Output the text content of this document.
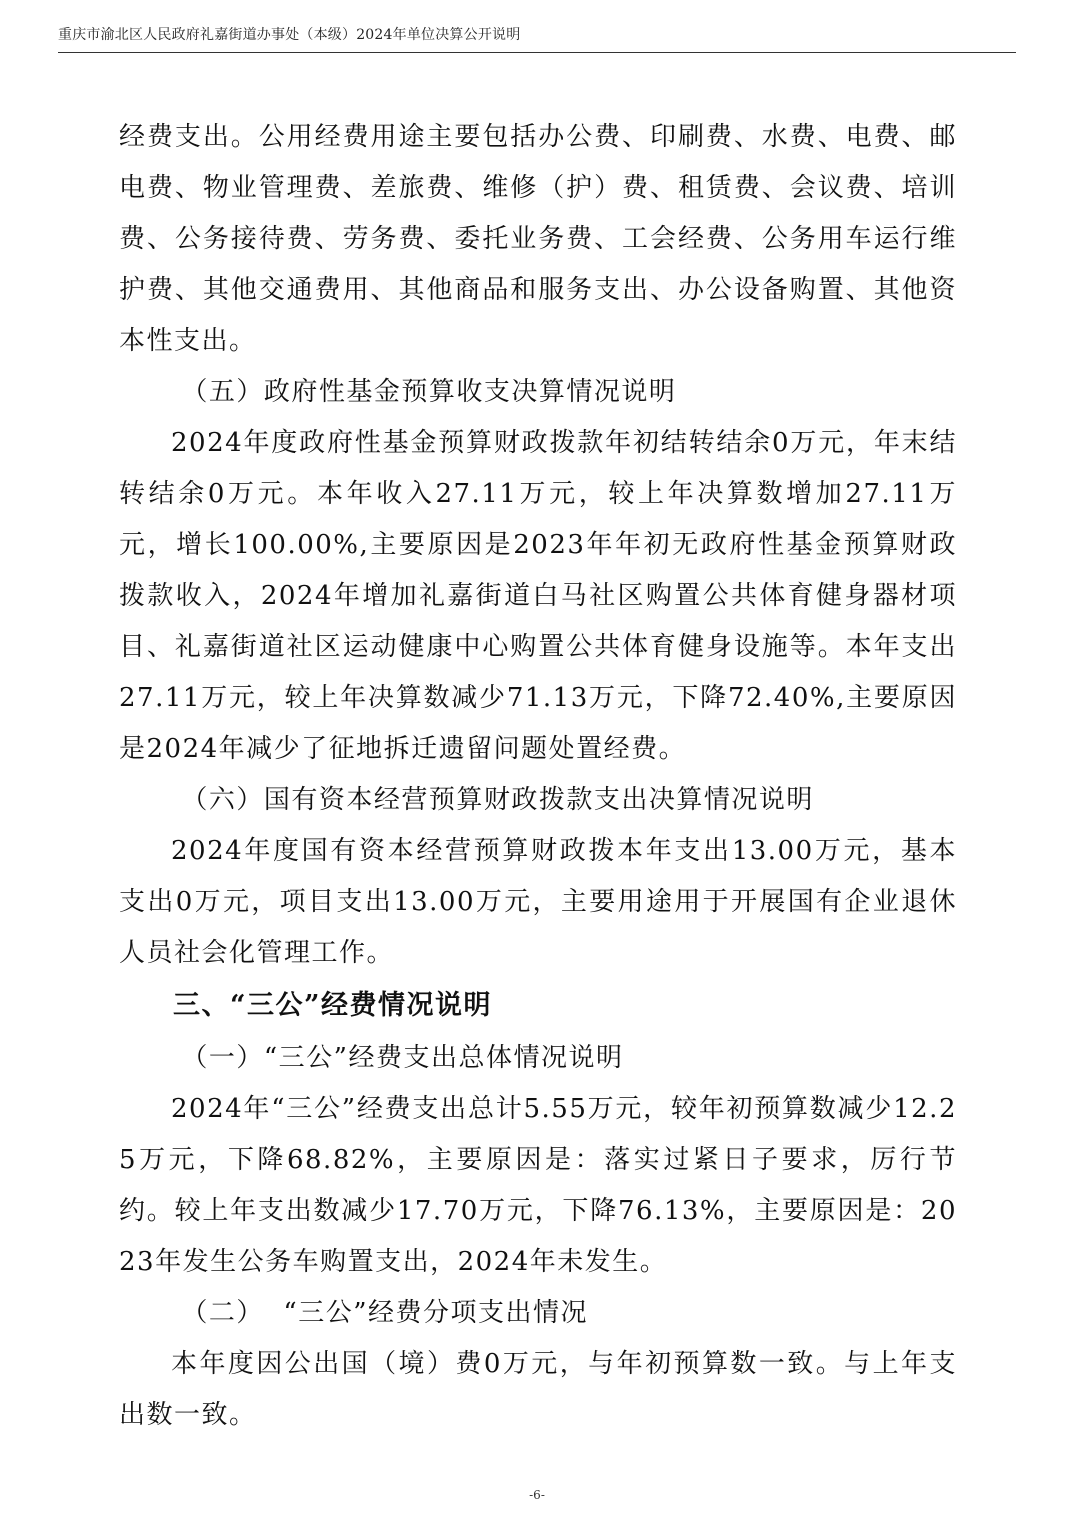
重庆市渝北区人民政府礼嘉街道办事处（本级）2024年单位决算公开说明

经费支出。公用经费用途主要包括办公费、印刷费、水费、电费、邮电费、物业管理费、差旅费、维修（护）费、租赁费、会议费、培训费、公务接待费、劳务费、委托业务费、工会经费、公务用车运行维护费、其他交通费用、其他商品和服务支出、办公设备购置、其他资本性支出。

（五）政府性基金预算收支决算情况说明

2024年度政府性基金预算财政拨款年初结转结余0万元，年末结转结余0万元。本年收入27.11万元，较上年决算数增加27.11万元，增长100.00%,主要原因是2023年年初无政府性基金预算财政拨款收入，2024年增加礼嘉街道白马社区购置公共体育健身器材项目、礼嘉街道社区运动健康中心购置公共体育健身设施等。本年支出27.11万元，较上年决算数减少71.13万元，下降72.40%,主要原因是2024年减少了征地拆迁遗留问题处置经费。

（六）国有资本经营预算财政拨款支出决算情况说明

2024年度国有资本经营预算财政拨本年支出13.00万元，基本支出0万元，项目支出13.00万元，主要用途用于开展国有企业退休人员社会化管理工作。

三、“三公”经费情况说明

（一）“三公”经费支出总体情况说明

2024年“三公”经费支出总计5.55万元，较年初预算数减少12.25万元，下降68.82%，主要原因是：落实过紧日子要求，厉行节约。较上年支出数减少17.70万元，下降76.13%，主要原因是：2023年发生公务车购置支出，2024年未发生。

（二）  “三公”经费分项支出情况

本年度因公出国（境）费0万元，与年初预算数一致。与上年支出数一致。

-6-
